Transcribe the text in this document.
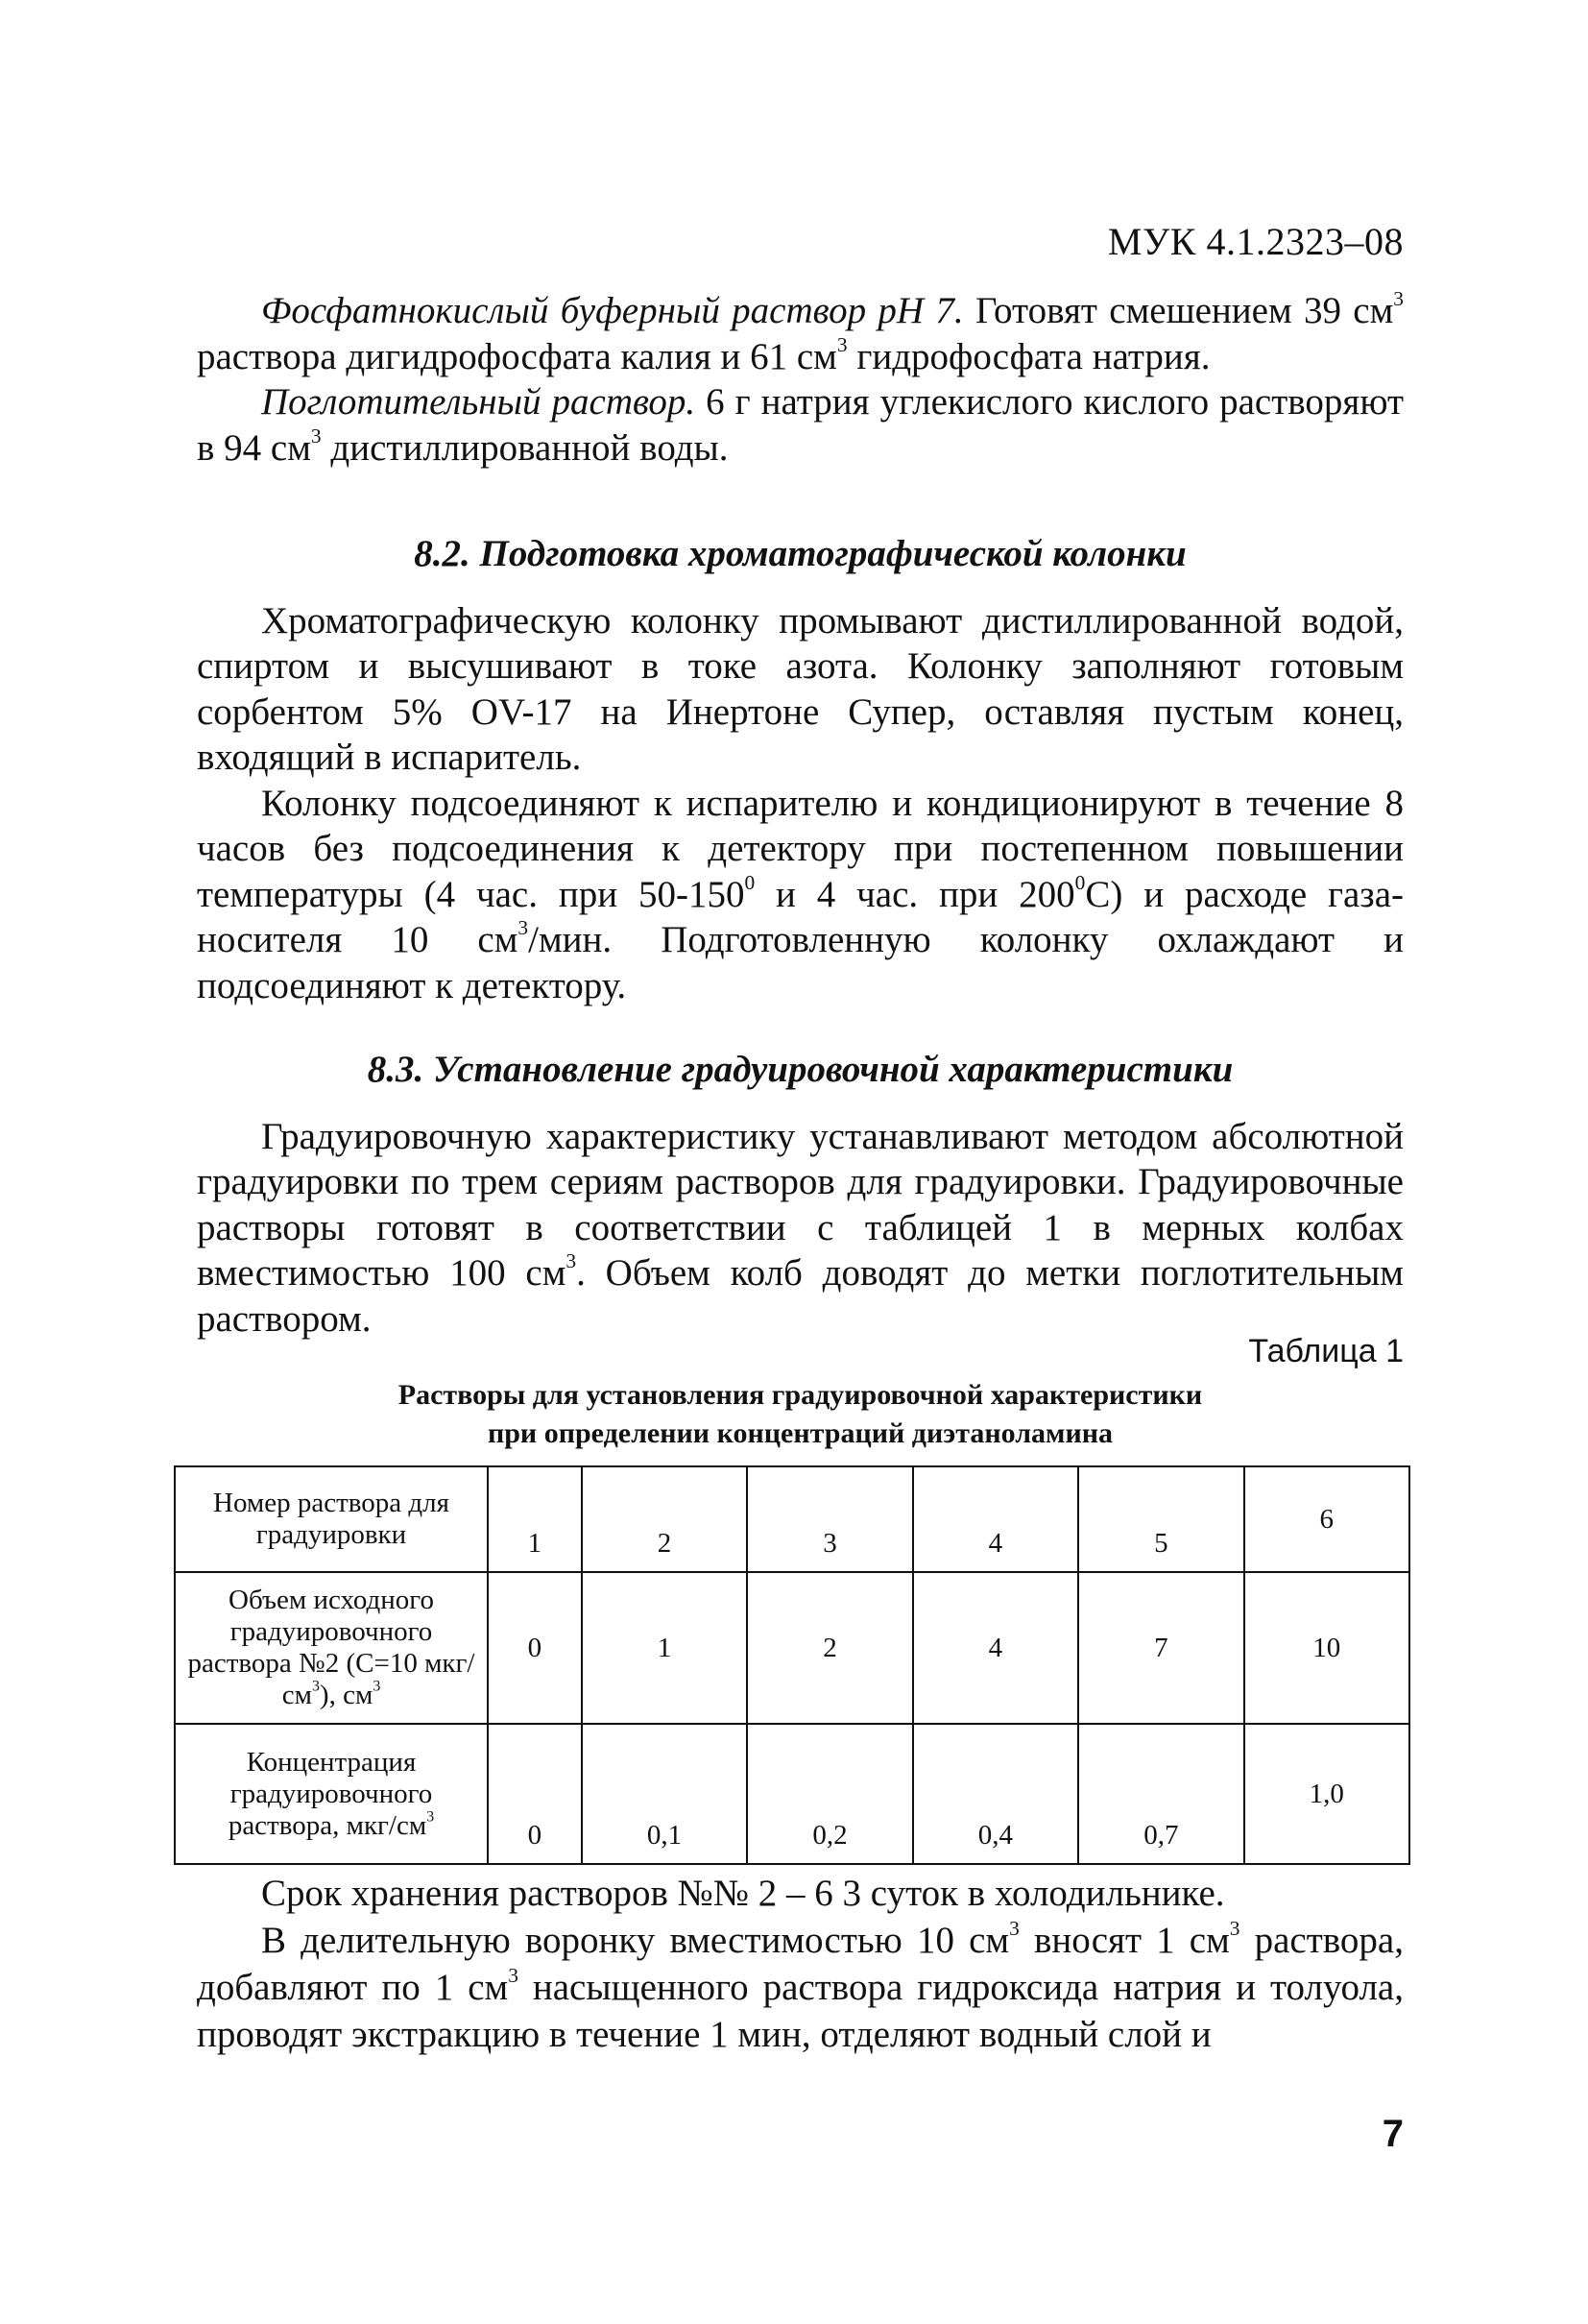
МУК 4.1.2323–08

Фосфатнокислый буферный раствор pH 7. Готовят смешением 39 $см^3$ раствора дигидрофосфата калия и 61 $см^3$ гидрофосфата натрия.

Поглотительный раствор. 6 г натрия углекислого кислого растворяют в 94 $см^3$ дистиллированной воды.

8.2. Подготовка хроматографической колонки

Хроматографическую колонку промывают дистиллированной водой, спиртом и высушивают в токе азота. Колонку заполняют готовым сорбентом 5% OV-17 на Инертоне Супер, оставляя пустым конец, входящий в испаритель.

Колонку подсоединяют к испарителю и кондиционируют в течение 8 часов без подсоединения к детектору при постепенном повышении температуры (4 час. при $50-150^0$ и 4 час. при $200^0С$) и расходе газа-носителя 10 $см^3$/мин. Подготовленную колонку охлаждают и подсоединяют к детектору.

8.3. Установление градуировочной характеристики

Градуировочную характеристику устанавливают методом абсолютной градуировки по трем сериям растворов для градуировки. Градуировочные растворы готовят в соответствии с таблицей 1 в мерных колбах вместимостью 100 $см^3$. Объем колб доводят до метки поглотительным раствором.

Таблица 1
Растворы для установления градуировочной характеристики
при определении концентраций диэтаноламина
Номер раствора для градуировки	1	2	3	4	5	6
Объем исходного градуировочного раствора №2 (С=10 мкг/$см^3$), $см^3$	0	1	2	4	7	10
Концентрация градуировочного раствора, мкг/$см^3$	0	0,1	0,2	0,4	0,7	1,0

Срок хранения растворов №№ 2 – 6 3 суток в холодильнике.

В делительную воронку вместимостью 10 $см^3$ вносят 1 $см^3$ раствора, добавляют по 1 $см^3$ насыщенного раствора гидроксида натрия и толуола, проводят экстракцию в течение 1 мин, отделяют водный слой и

7
